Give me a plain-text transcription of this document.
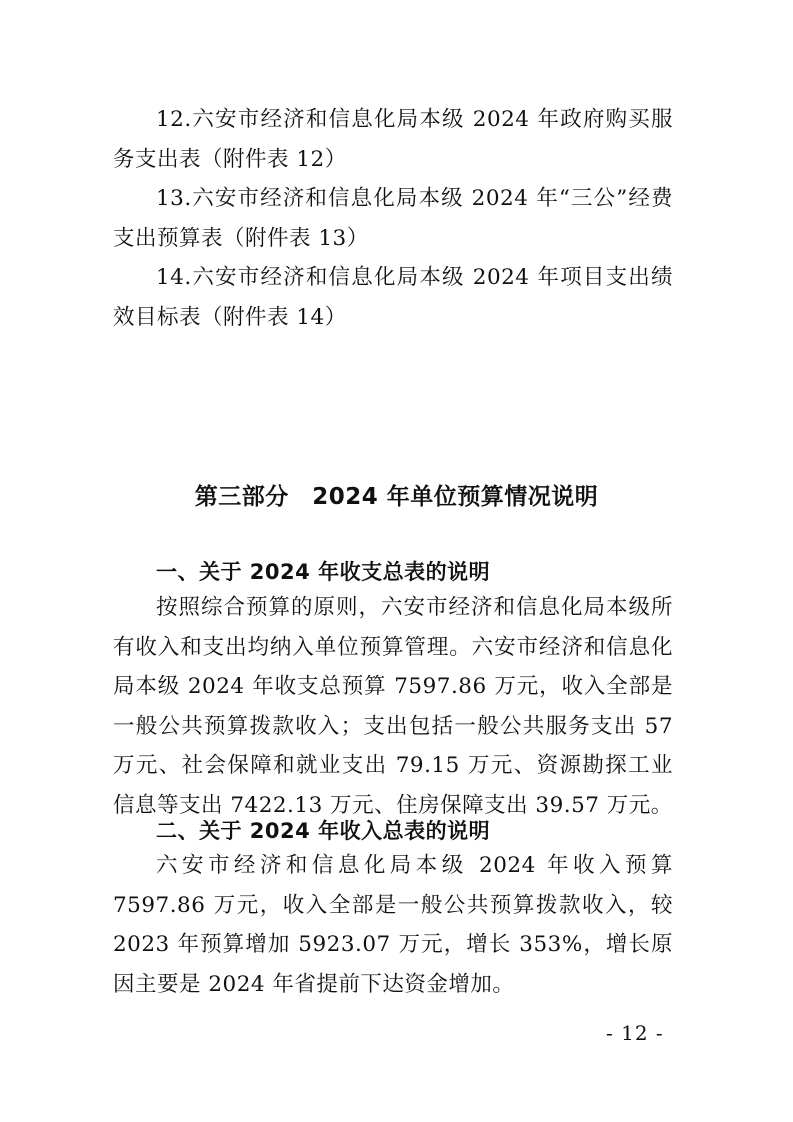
12.六安市经济和信息化局本级 2024 年政府购买服务支出表（附件表 12）

13.六安市经济和信息化局本级 2024 年“三公”经费支出预算表（附件表 13）

14.六安市经济和信息化局本级 2024 年项目支出绩效目标表（附件表 14）

第三部分　2024 年单位预算情况说明
一、关于 2024 年收支总表的说明

按照综合预算的原则，六安市经济和信息化局本级所有收入和支出均纳入单位预算管理。六安市经济和信息化局本级 2024 年收支总预算 7597.86 万元，收入全部是一般公共预算拨款收入；支出包括一般公共服务支出 57 万元、社会保障和就业支出 79.15 万元、资源勘探工业信息等支出 7422.13 万元、住房保障支出 39.57 万元。

二、关于 2024 年收入总表的说明

六安市经济和信息化局本级 2024 年收入预算 7597.86 万元，收入全部是一般公共预算拨款收入，较 2023 年预算增加 5923.07 万元，增长 353%，增长原因主要是 2024 年省提前下达资金增加。

- 12 -
